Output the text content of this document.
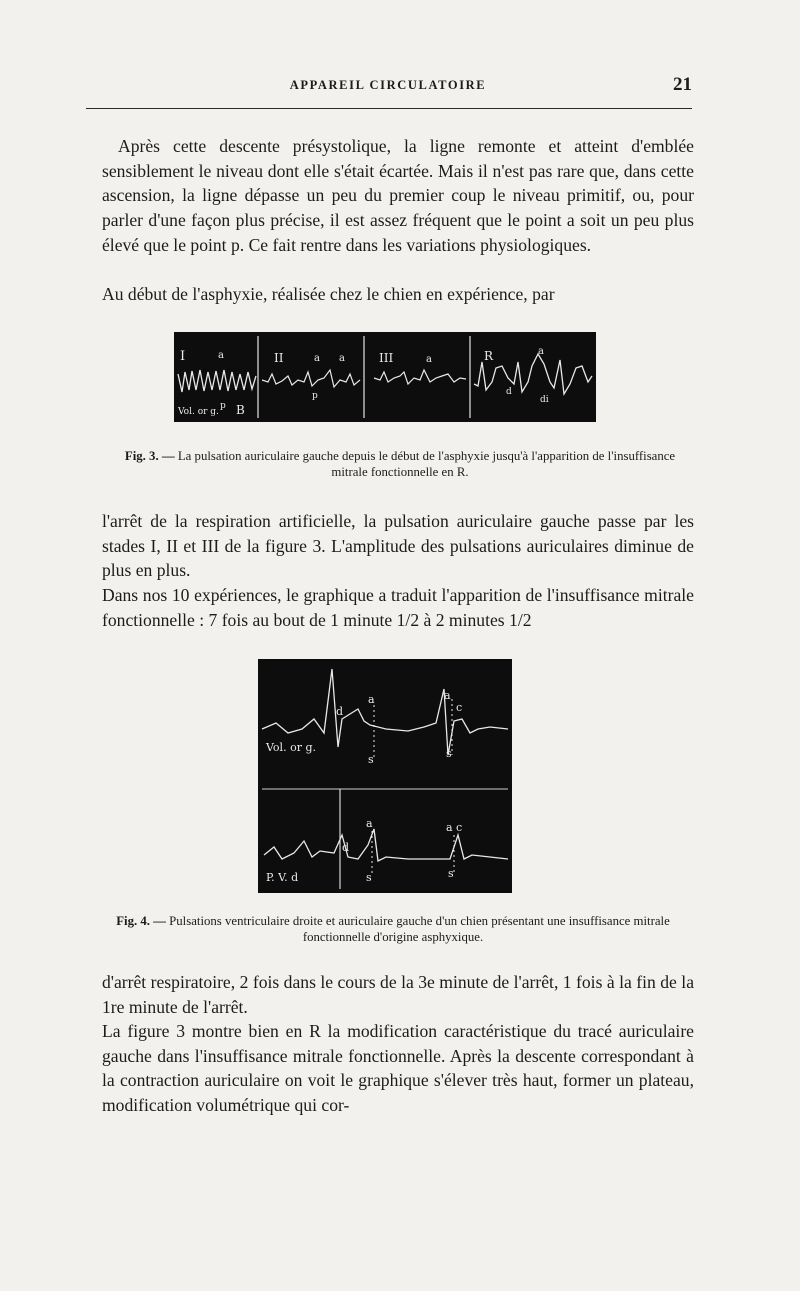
APPAREIL CIRCULATOIRE	21

Après cette descente présystolique, la ligne remonte et atteint d'emblée sensiblement le niveau dont elle s'était écartée. Mais il n'est pas rare que, dans cette ascension, la ligne dépasse un peu du premier coup le niveau primitif, ou, pour parler d'une façon plus précise, il est assez fréquent que le point a soit un peu plus élevé que le point p. Ce fait rentre dans les variations physiologiques.

Au début de l'asphyxie, réalisée chez le chien en expérience, par

I	a	II	a a	III	a	R	a
p	d
di
Vol. or g.
p B

Fig. 3. — La pulsation auriculaire gauche depuis le début de l'asphyxie jusqu'à l'apparition de l'insuffisance mitrale fonctionnelle en R.

l'arrêt de la respiration artificielle, la pulsation auriculaire gauche passe par les stades I, II et III de la figure 3. L'amplitude des pulsations auriculaires diminue de plus en plus.

Dans nos 10 expériences, le graphique a traduit l'apparition de l'insuffisance mitrale fonctionnelle : 7 fois au bout de 1 minute 1/2 à 2 minutes 1/2

Vol. or g.
d
a
s
a
c
s
a
d
s
a c
s
P. V. d

Fig. 4. — Pulsations ventriculaire droite et auriculaire gauche d'un chien présentant une insuffisance mitrale fonctionnelle d'origine asphyxique.

d'arrêt respiratoire, 2 fois dans le cours de la 3e minute de l'arrêt, 1 fois à la fin de la 1re minute de l'arrêt.

La figure 3 montre bien en R la modification caractéristique du tracé auriculaire gauche dans l'insuffisance mitrale fonctionnelle. Après la descente correspondant à la contraction auriculaire on voit le graphique s'élever très haut, former un plateau, modification volumétrique qui cor-
